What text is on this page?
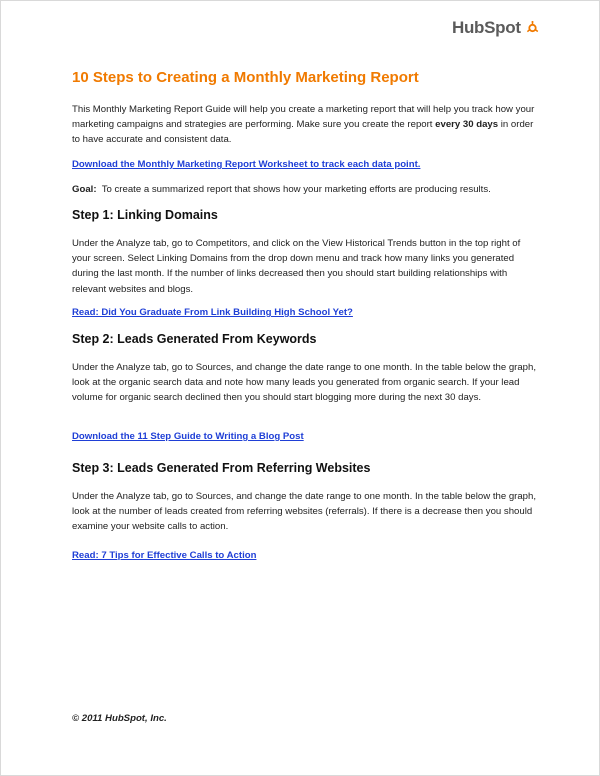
HubSpot
10 Steps to Creating a Monthly Marketing Report

This Monthly Marketing Report Guide will help you create a marketing report that will help you track how your marketing campaigns and strategies are performing. Make sure you create the report every 30 days in order to have accurate and consistent data.

Download the Monthly Marketing Report Worksheet to track each data point.

Goal: To create a summarized report that shows how your marketing efforts are producing results.

Step 1: Linking Domains

Under the Analyze tab, go to Competitors, and click on the View Historical Trends button in the top right of your screen. Select Linking Domains from the drop down menu and track how many links you generated during the last month. If the number of links decreased then you should start building relationships with relevant websites and blogs.

Read: Did You Graduate From Link Building High School Yet?
Step 2: Leads Generated From Keywords

Under the Analyze tab, go to Sources, and change the date range to one month. In the table below the graph, look at the organic search data and note how many leads you generated from organic search. If your lead volume for organic search declined then you should start blogging more during the next 30 days.

Download the 11 Step Guide to Writing a Blog Post
Step 3: Leads Generated From Referring Websites

Under the Analyze tab, go to Sources, and change the date range to one month. In the table below the graph, look at the number of leads created from referring websites (referrals). If there is a decrease then you should examine your website calls to action.

Read: 7 Tips for Effective Calls to Action

© 2011 HubSpot, Inc.
